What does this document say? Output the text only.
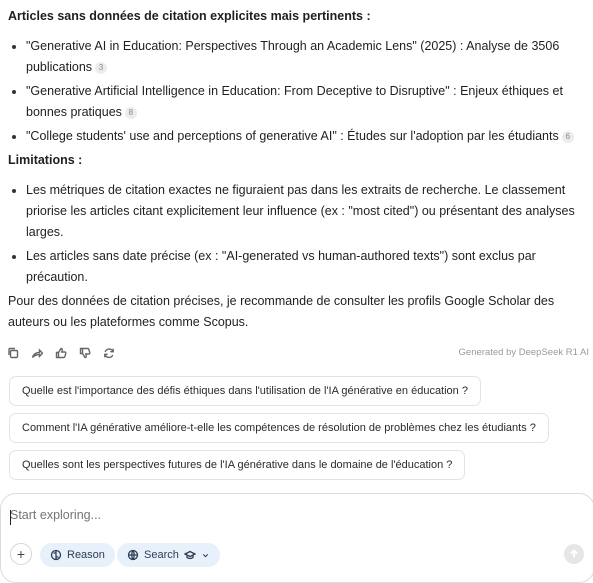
Articles sans données de citation explicites mais pertinents :
"Generative AI in Education: Perspectives Through an Academic Lens" (2025) : Analyse de 3506 publications 3
"Generative Artificial Intelligence in Education: From Deceptive to Disruptive" : Enjeux éthiques et bonnes pratiques 8
"College students' use and perceptions of generative AI" : Études sur l'adoption par les étudiants 6
Limitations :
Les métriques de citation exactes ne figuraient pas dans les extraits de recherche. Le classement priorise les articles citant explicitement leur influence (ex : "most cited") ou présentant des analyses larges.
Les articles sans date précise (ex : "AI-generated vs human-authored texts") sont exclus par précaution.
Pour des données de citation précises, je recommande de consulter les profils Google Scholar des auteurs ou les plateformes comme Scopus.
Generated by DeepSeek R1 AI
Quelle est l'importance des défis éthiques dans l'utilisation de l'IA générative en éducation ?
Comment l'IA générative améliore-t-elle les compétences de résolution de problèmes chez les étudiants ?
Quelles sont les perspectives futures de l'IA générative dans le domaine de l'éducation ?
Start exploring...
+	Reason	Search
